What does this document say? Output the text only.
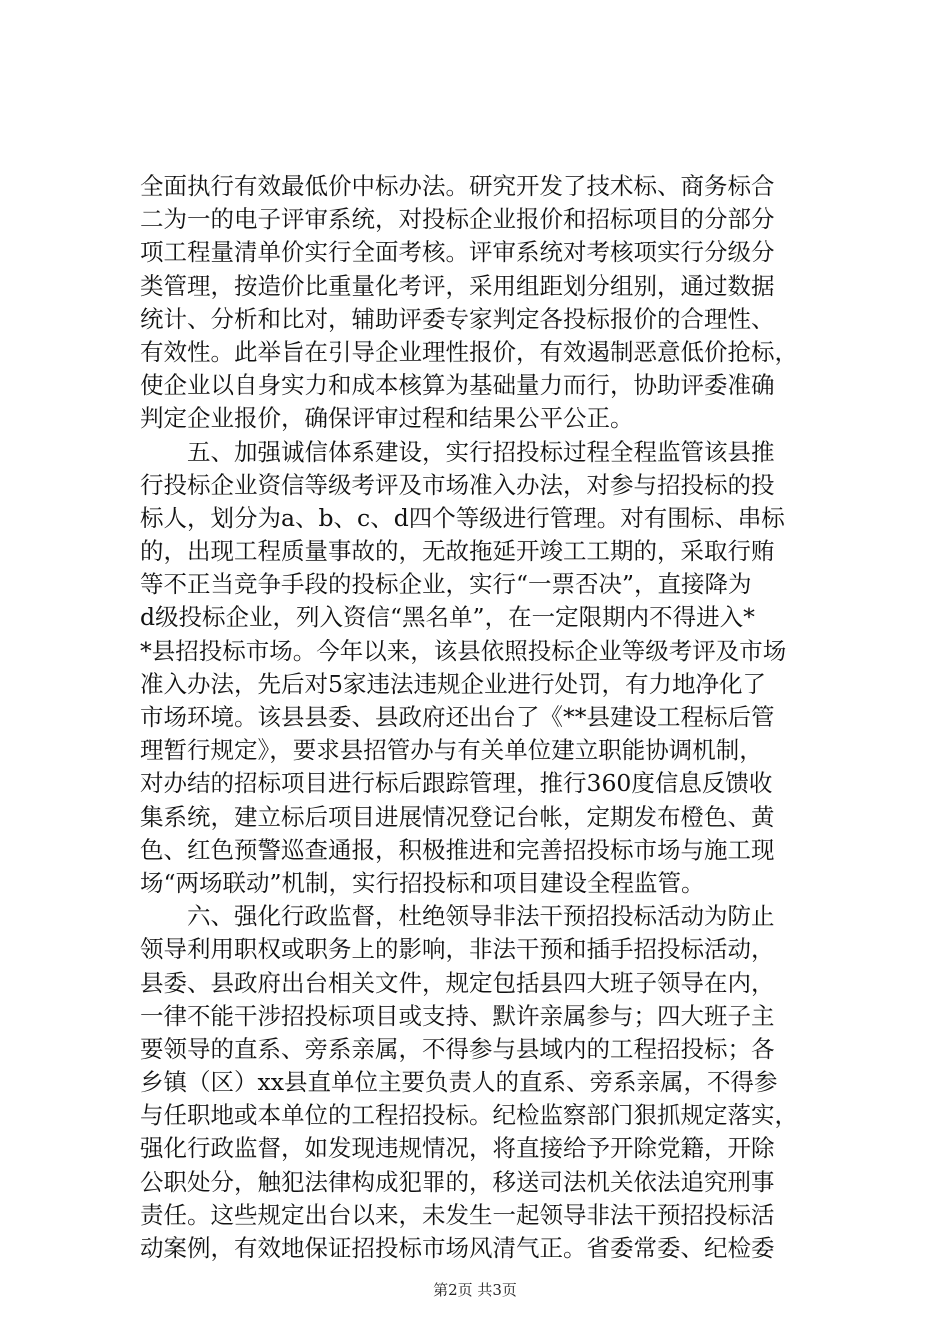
全面执行有效最低价中标办法。研究开发了技术标、商务标合
二为一的电子评审系统，对投标企业报价和招标项目的分部分
项工程量清单价实行全面考核。评审系统对考核项实行分级分
类管理，按造价比重量化考评，采用组距划分组别，通过数据
统计、分析和比对，辅助评委专家判定各投标报价的合理性、
有效性。此举旨在引导企业理性报价，有效遏制恶意低价抢标，
使企业以自身实力和成本核算为基础量力而行，协助评委准确
判定企业报价，确保评审过程和结果公平公正。
　　五、加强诚信体系建设，实行招投标过程全程监管该县推
行投标企业资信等级考评及市场准入办法，对参与招投标的投
标人，划分为a、b、c、d四个等级进行管理。对有围标、串标
的，出现工程质量事故的，无故拖延开竣工工期的，采取行贿
等不正当竞争手段的投标企业，实行“一票否决”，直接降为
d级投标企业，列入资信“黑名单”，在一定限期内不得进入*
*县招投标市场。今年以来，该县依照投标企业等级考评及市场
准入办法，先后对5家违法违规企业进行处罚，有力地净化了
市场环境。该县县委、县政府还出台了《**县建设工程标后管
理暂行规定》，要求县招管办与有关单位建立职能协调机制，
对办结的招标项目进行标后跟踪管理，推行360度信息反馈收
集系统，建立标后项目进展情况登记台帐，定期发布橙色、黄
色、红色预警巡查通报，积极推进和完善招投标市场与施工现
场“两场联动”机制，实行招投标和项目建设全程监管。
　　六、强化行政监督，杜绝领导非法干预招投标活动为防止
领导利用职权或职务上的影响，非法干预和插手招投标活动，
县委、县政府出台相关文件，规定包括县四大班子领导在内，
一律不能干涉招投标项目或支持、默许亲属参与；四大班子主
要领导的直系、旁系亲属，不得参与县域内的工程招投标；各
乡镇（区）xx县直单位主要负责人的直系、旁系亲属，不得参
与任职地或本单位的工程招投标。纪检监察部门狠抓规定落实，
强化行政监督，如发现违规情况，将直接给予开除党籍，开除
公职处分，触犯法律构成犯罪的，移送司法机关依法追究刑事
责任。这些规定出台以来，未发生一起领导非法干预招投标活
动案例，有效地保证招投标市场风清气正。省委常委、纪检委
第2页 共3页
